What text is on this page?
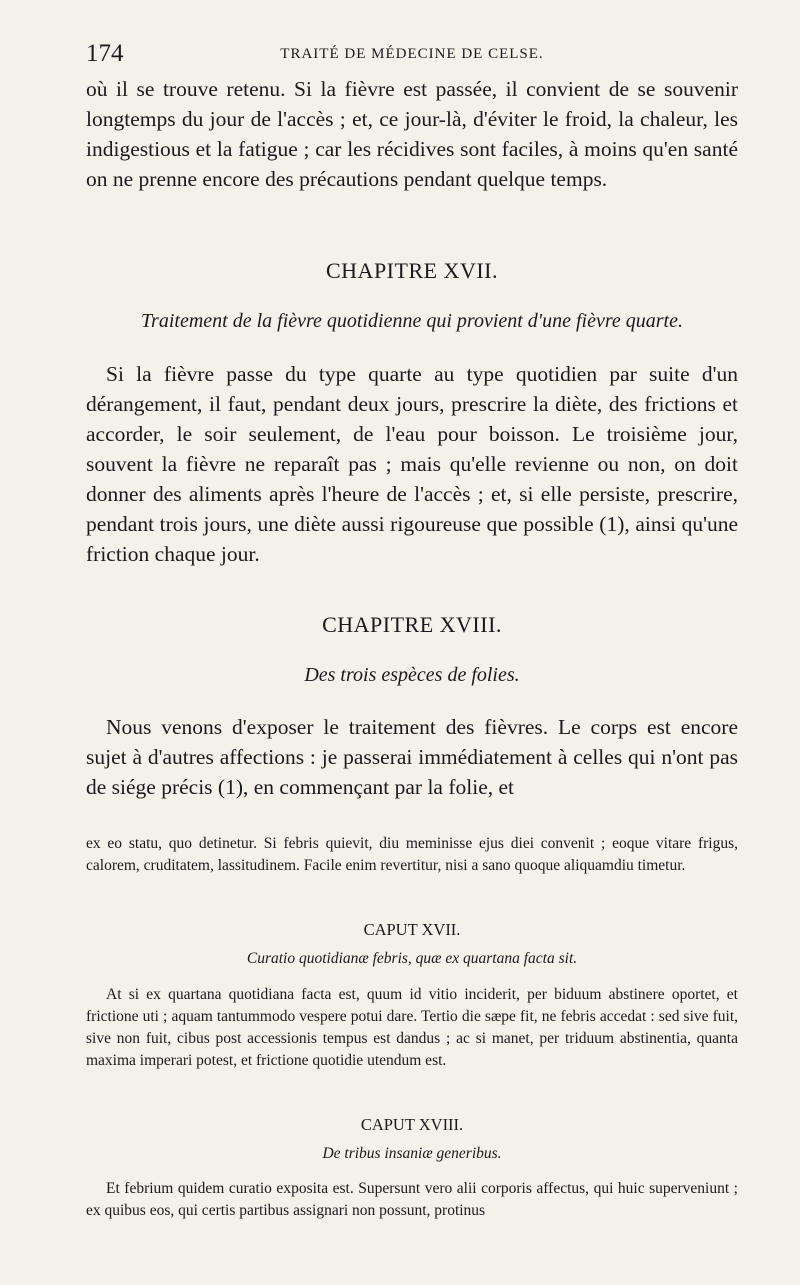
174	TRAITÉ DE MÉDECINE DE CELSE.

où il se trouve retenu. Si la fièvre est passée, il convient de se souvenir longtemps du jour de l'accès ; et, ce jour-là, d'éviter le froid, la chaleur, les indigestious et la fatigue ; car les récidives sont faciles, à moins qu'en santé on ne prenne encore des précautions pendant quelque temps.

CHAPITRE XVII.
Traitement de la fièvre quotidienne qui provient d'une fièvre quarte.

Si la fièvre passe du type quarte au type quotidien par suite d'un dérangement, il faut, pendant deux jours, prescrire la diète, des frictions et accorder, le soir seulement, de l'eau pour boisson. Le troisième jour, souvent la fièvre ne reparaît pas ; mais qu'elle revienne ou non, on doit donner des aliments après l'heure de l'accès ; et, si elle persiste, prescrire, pendant trois jours, une diète aussi rigoureuse que possible (1), ainsi qu'une friction chaque jour.

CHAPITRE XVIII.
Des trois espèces de folies.

Nous venons d'exposer le traitement des fièvres. Le corps est encore sujet à d'autres affections : je passerai immédiatement à celles qui n'ont pas de siége précis (1), en commençant par la folie, et

ex eo statu, quo detinetur. Si febris quievit, diu meminisse ejus diei convenit ; eoque vitare frigus, calorem, cruditatem, lassitudinem. Facile enim revertitur, nisi a sano quoque aliquamdiu timetur.

CAPUT XVII.
Curatio quotidianæ febris, quæ ex quartana facta sit.

At si ex quartana quotidiana facta est, quum id vitio inciderit, per biduum abstinere oportet, et frictione uti ; aquam tantummodo vespere potui dare. Tertio die sæpe fit, ne febris accedat : sed sive fuit, sive non fuit, cibus post accessionis tempus est dandus ; ac si manet, per triduum abstinentia, quanta maxima imperari potest, et frictione quotidie utendum est.

CAPUT XVIII.
De tribus insaniæ generibus.

Et febrium quidem curatio exposita est. Supersunt vero alii corporis affectus, qui huic superveniunt ; ex quibus eos, qui certis partibus assignari non possunt, protinus
